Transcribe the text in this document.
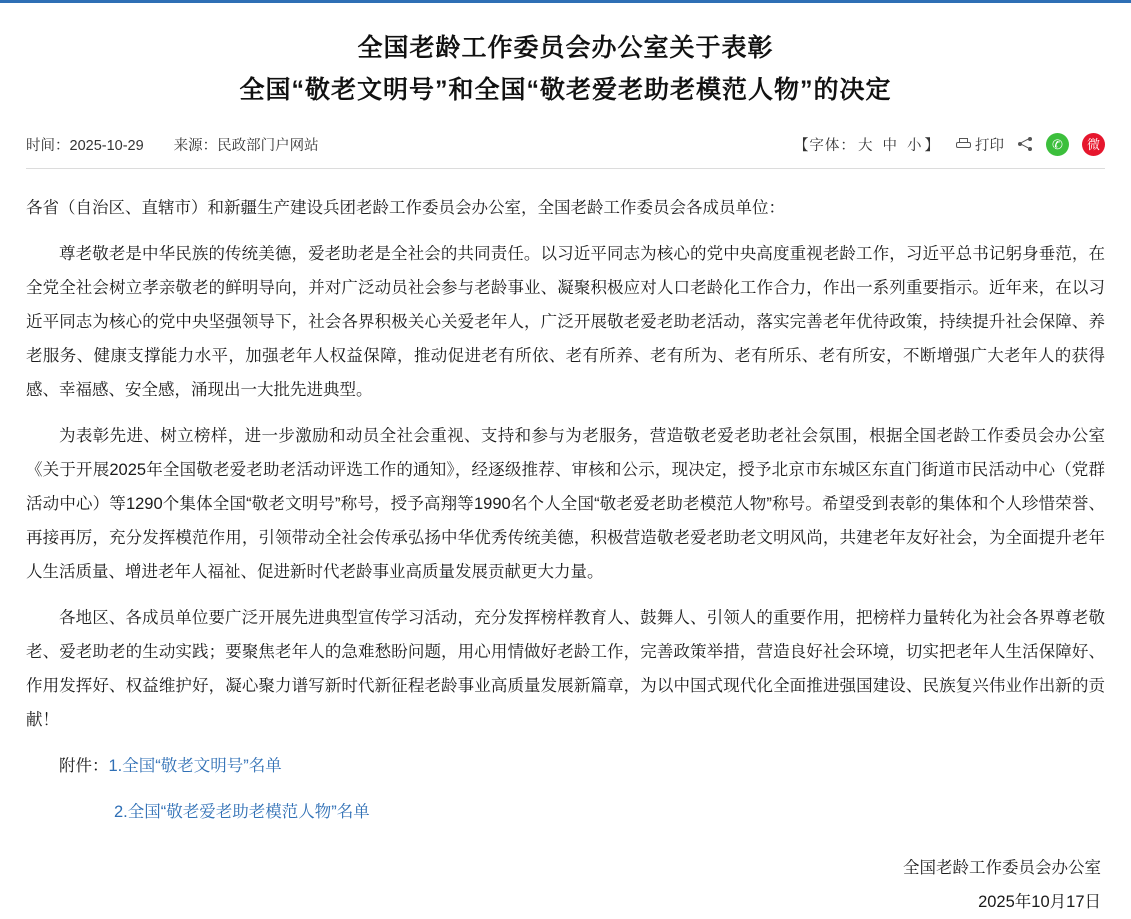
全国老龄工作委员会办公室关于表彰
全国“敬老文明号”和全国“敬老爱老助老模范人物”的决定
时间：2025-10-29 来源：民政部门户网站	【字体： 大 中 小 】 打印	✆ 微

各省（自治区、直辖市）和新疆生产建设兵团老龄工作委员会办公室，全国老龄工作委员会各成员单位：

尊老敬老是中华民族的传统美德，爱老助老是全社会的共同责任。以习近平同志为核心的党中央高度重视老龄工作，习近平总书记躬身垂范，在全党全社会树立孝亲敬老的鲜明导向，并对广泛动员社会参与老龄事业、凝聚积极应对人口老龄化工作合力，作出一系列重要指示。近年来，在以习近平同志为核心的党中央坚强领导下，社会各界积极关心关爱老年人，广泛开展敬老爱老助老活动，落实完善老年优待政策，持续提升社会保障、养老服务、健康支撑能力水平，加强老年人权益保障，推动促进老有所依、老有所养、老有所为、老有所乐、老有所安，不断增强广大老年人的获得感、幸福感、安全感，涌现出一大批先进典型。

为表彰先进、树立榜样，进一步激励和动员全社会重视、支持和参与为老服务，营造敬老爱老助老社会氛围，根据全国老龄工作委员会办公室《关于开展2025年全国敬老爱老助老活动评选工作的通知》，经逐级推荐、审核和公示，现决定，授予北京市东城区东直门街道市民活动中心（党群活动中心）等1290个集体全国“敬老文明号”称号，授予高翔等1990名个人全国“敬老爱老助老模范人物”称号。希望受到表彰的集体和个人珍惜荣誉、再接再厉，充分发挥模范作用，引领带动全社会传承弘扬中华优秀传统美德，积极营造敬老爱老助老文明风尚，共建老年友好社会，为全面提升老年人生活质量、增进老年人福祉、促进新时代老龄事业高质量发展贡献更大力量。

各地区、各成员单位要广泛开展先进典型宣传学习活动，充分发挥榜样教育人、鼓舞人、引领人的重要作用，把榜样力量转化为社会各界尊老敬老、爱老助老的生动实践；要聚焦老年人的急难愁盼问题，用心用情做好老龄工作，完善政策举措，营造良好社会环境，切实把老年人生活保障好、作用发挥好、权益维护好，凝心聚力谱写新时代新征程老龄事业高质量发展新篇章，为以中国式现代化全面推进强国建设、民族复兴伟业作出新的贡献！

附件：1.全国“敬老文明号”名单

2.全国“敬老爱老助老模范人物”名单

全国老龄工作委员会办公室
2025年10月17日
